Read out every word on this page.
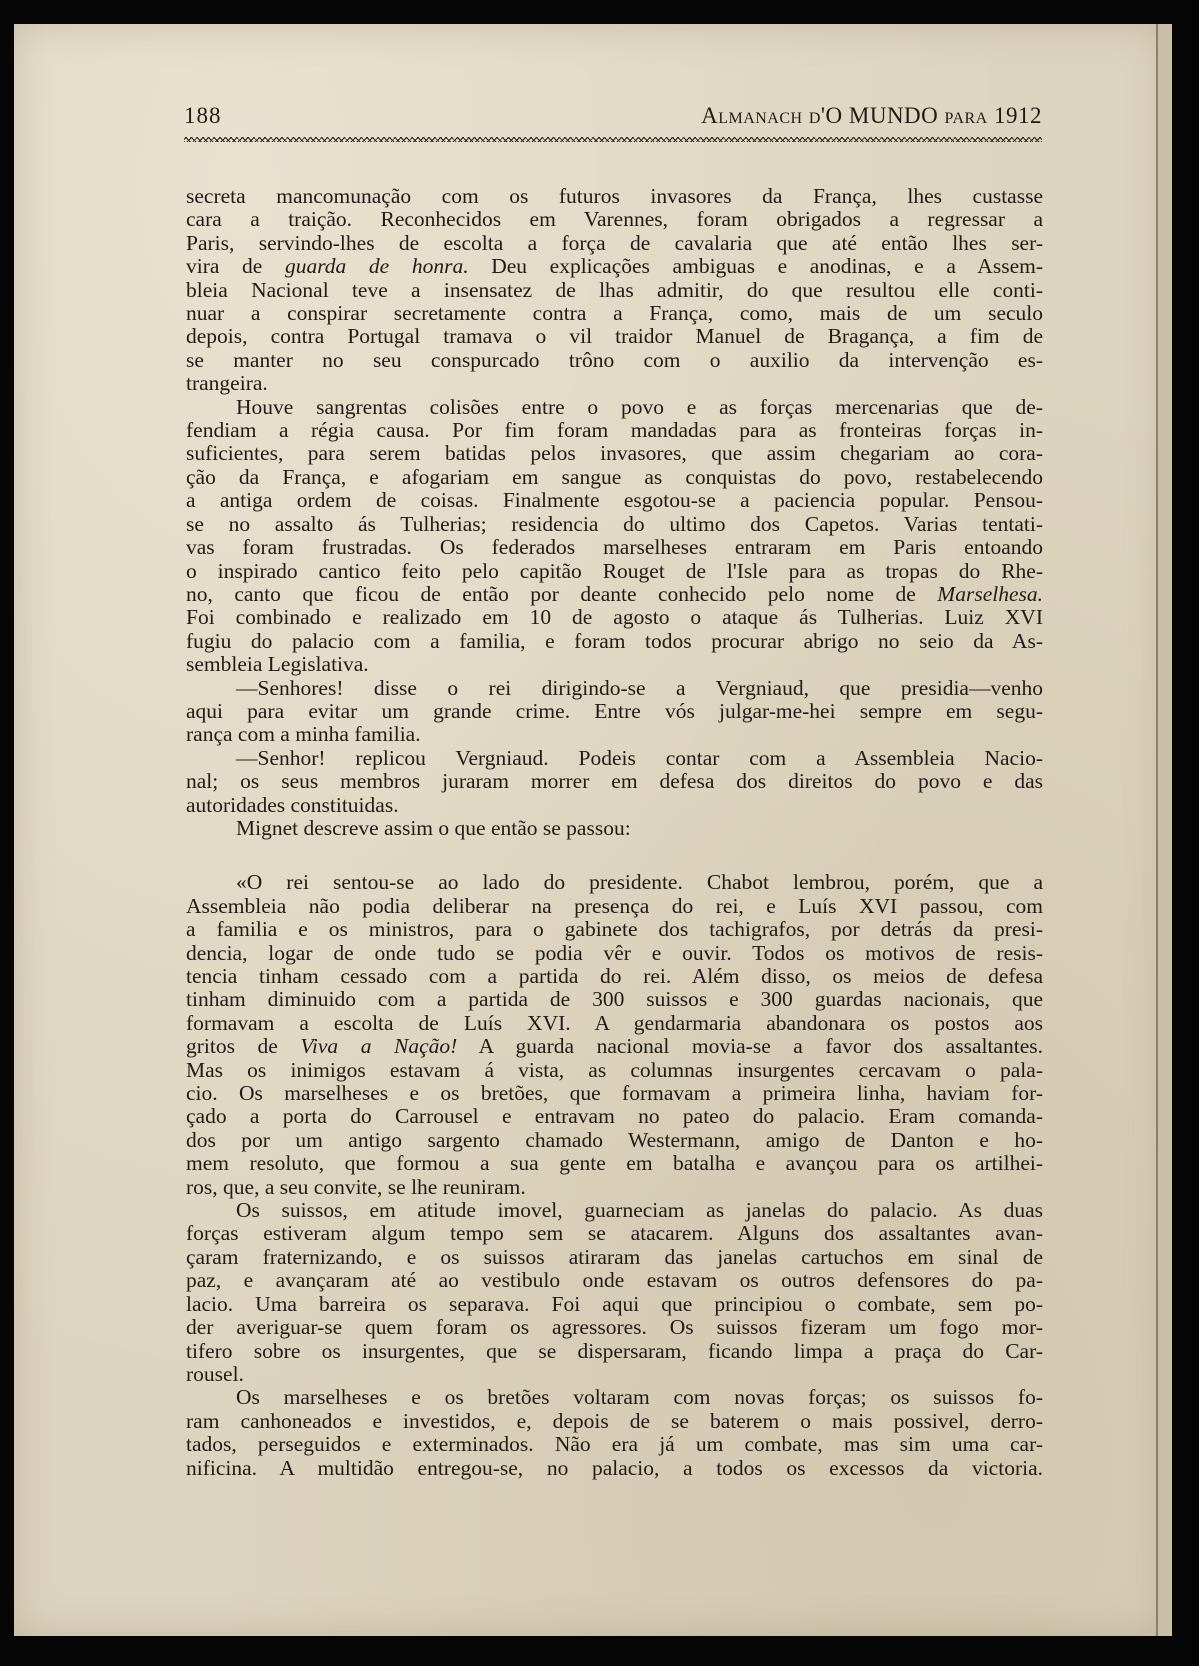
188	Almanach d'O MUNDO para 1912

secreta mancomunação com os futuros invasores da França, lhes custasse

cara a traição. Reconhecidos em Varennes, foram obrigados a regressar a

Paris, servindo-lhes de escolta a força de cavalaria que até então lhes ser-

vira de guarda de honra. Deu explicações ambiguas e anodinas, e a Assem-

bleia Nacional teve a insensatez de lhas admitir, do que resultou elle conti-

nuar a conspirar secretamente contra a França, como, mais de um seculo

depois, contra Portugal tramava o vil traidor Manuel de Bragança, a fim de

se manter no seu conspurcado trôno com o auxilio da intervenção es-

trangeira.

Houve sangrentas colisões entre o povo e as forças mercenarias que de-

fendiam a régia causa. Por fim foram mandadas para as fronteiras forças in-

suficientes, para serem batidas pelos invasores, que assim chegariam ao cora-

ção da França, e afogariam em sangue as conquistas do povo, restabelecendo

a antiga ordem de coisas. Finalmente esgotou-se a paciencia popular. Pensou-

se no assalto ás Tulherias; residencia do ultimo dos Capetos. Varias tentati-

vas foram frustradas. Os federados marselheses entraram em Paris entoando

o inspirado cantico feito pelo capitão Rouget de l'Isle para as tropas do Rhe-

no, canto que ficou de então por deante conhecido pelo nome de Marselhesa.

Foi combinado e realizado em 10 de agosto o ataque ás Tulherias. Luiz XVI

fugiu do palacio com a familia, e foram todos procurar abrigo no seio da As-

sembleia Legislativa.

—Senhores! disse o rei dirigindo-se a Vergniaud, que presidia—venho

aqui para evitar um grande crime. Entre vós julgar-me-hei sempre em segu-

rança com a minha familia.

—Senhor! replicou Vergniaud. Podeis contar com a Assembleia Nacio-

nal; os seus membros juraram morrer em defesa dos direitos do povo e das

autoridades constituidas.

Mignet descreve assim o que então se passou:

«O rei sentou-se ao lado do presidente. Chabot lembrou, porém, que a

Assembleia não podia deliberar na presença do rei, e Luís XVI passou, com

a familia e os ministros, para o gabinete dos tachigrafos, por detrás da presi-

dencia, logar de onde tudo se podia vêr e ouvir. Todos os motivos de resis-

tencia tinham cessado com a partida do rei. Além disso, os meios de defesa

tinham diminuido com a partida de 300 suissos e 300 guardas nacionais, que

formavam a escolta de Luís XVI. A gendarmaria abandonara os postos aos

gritos de Viva a Nação! A guarda nacional movia-se a favor dos assaltantes.

Mas os inimigos estavam á vista, as columnas insurgentes cercavam o pala-

cio. Os marselheses e os bretões, que formavam a primeira linha, haviam for-

çado a porta do Carrousel e entravam no pateo do palacio. Eram comanda-

dos por um antigo sargento chamado Westermann, amigo de Danton e ho-

mem resoluto, que formou a sua gente em batalha e avançou para os artilhei-

ros, que, a seu convite, se lhe reuniram.

Os suissos, em atitude imovel, guarneciam as janelas do palacio. As duas

forças estiveram algum tempo sem se atacarem. Alguns dos assaltantes avan-

çaram fraternizando, e os suissos atiraram das janelas cartuchos em sinal de

paz, e avançaram até ao vestibulo onde estavam os outros defensores do pa-

lacio. Uma barreira os separava. Foi aqui que principiou o combate, sem po-

der averiguar-se quem foram os agressores. Os suissos fizeram um fogo mor-

tifero sobre os insurgentes, que se dispersaram, ficando limpa a praça do Car-

rousel.

Os marselheses e os bretões voltaram com novas forças; os suissos fo-

ram canhoneados e investidos, e, depois de se baterem o mais possivel, derro-

tados, perseguidos e exterminados. Não era já um combate, mas sim uma car-

nificina. A multidão entregou-se, no palacio, a todos os excessos da victoria.
